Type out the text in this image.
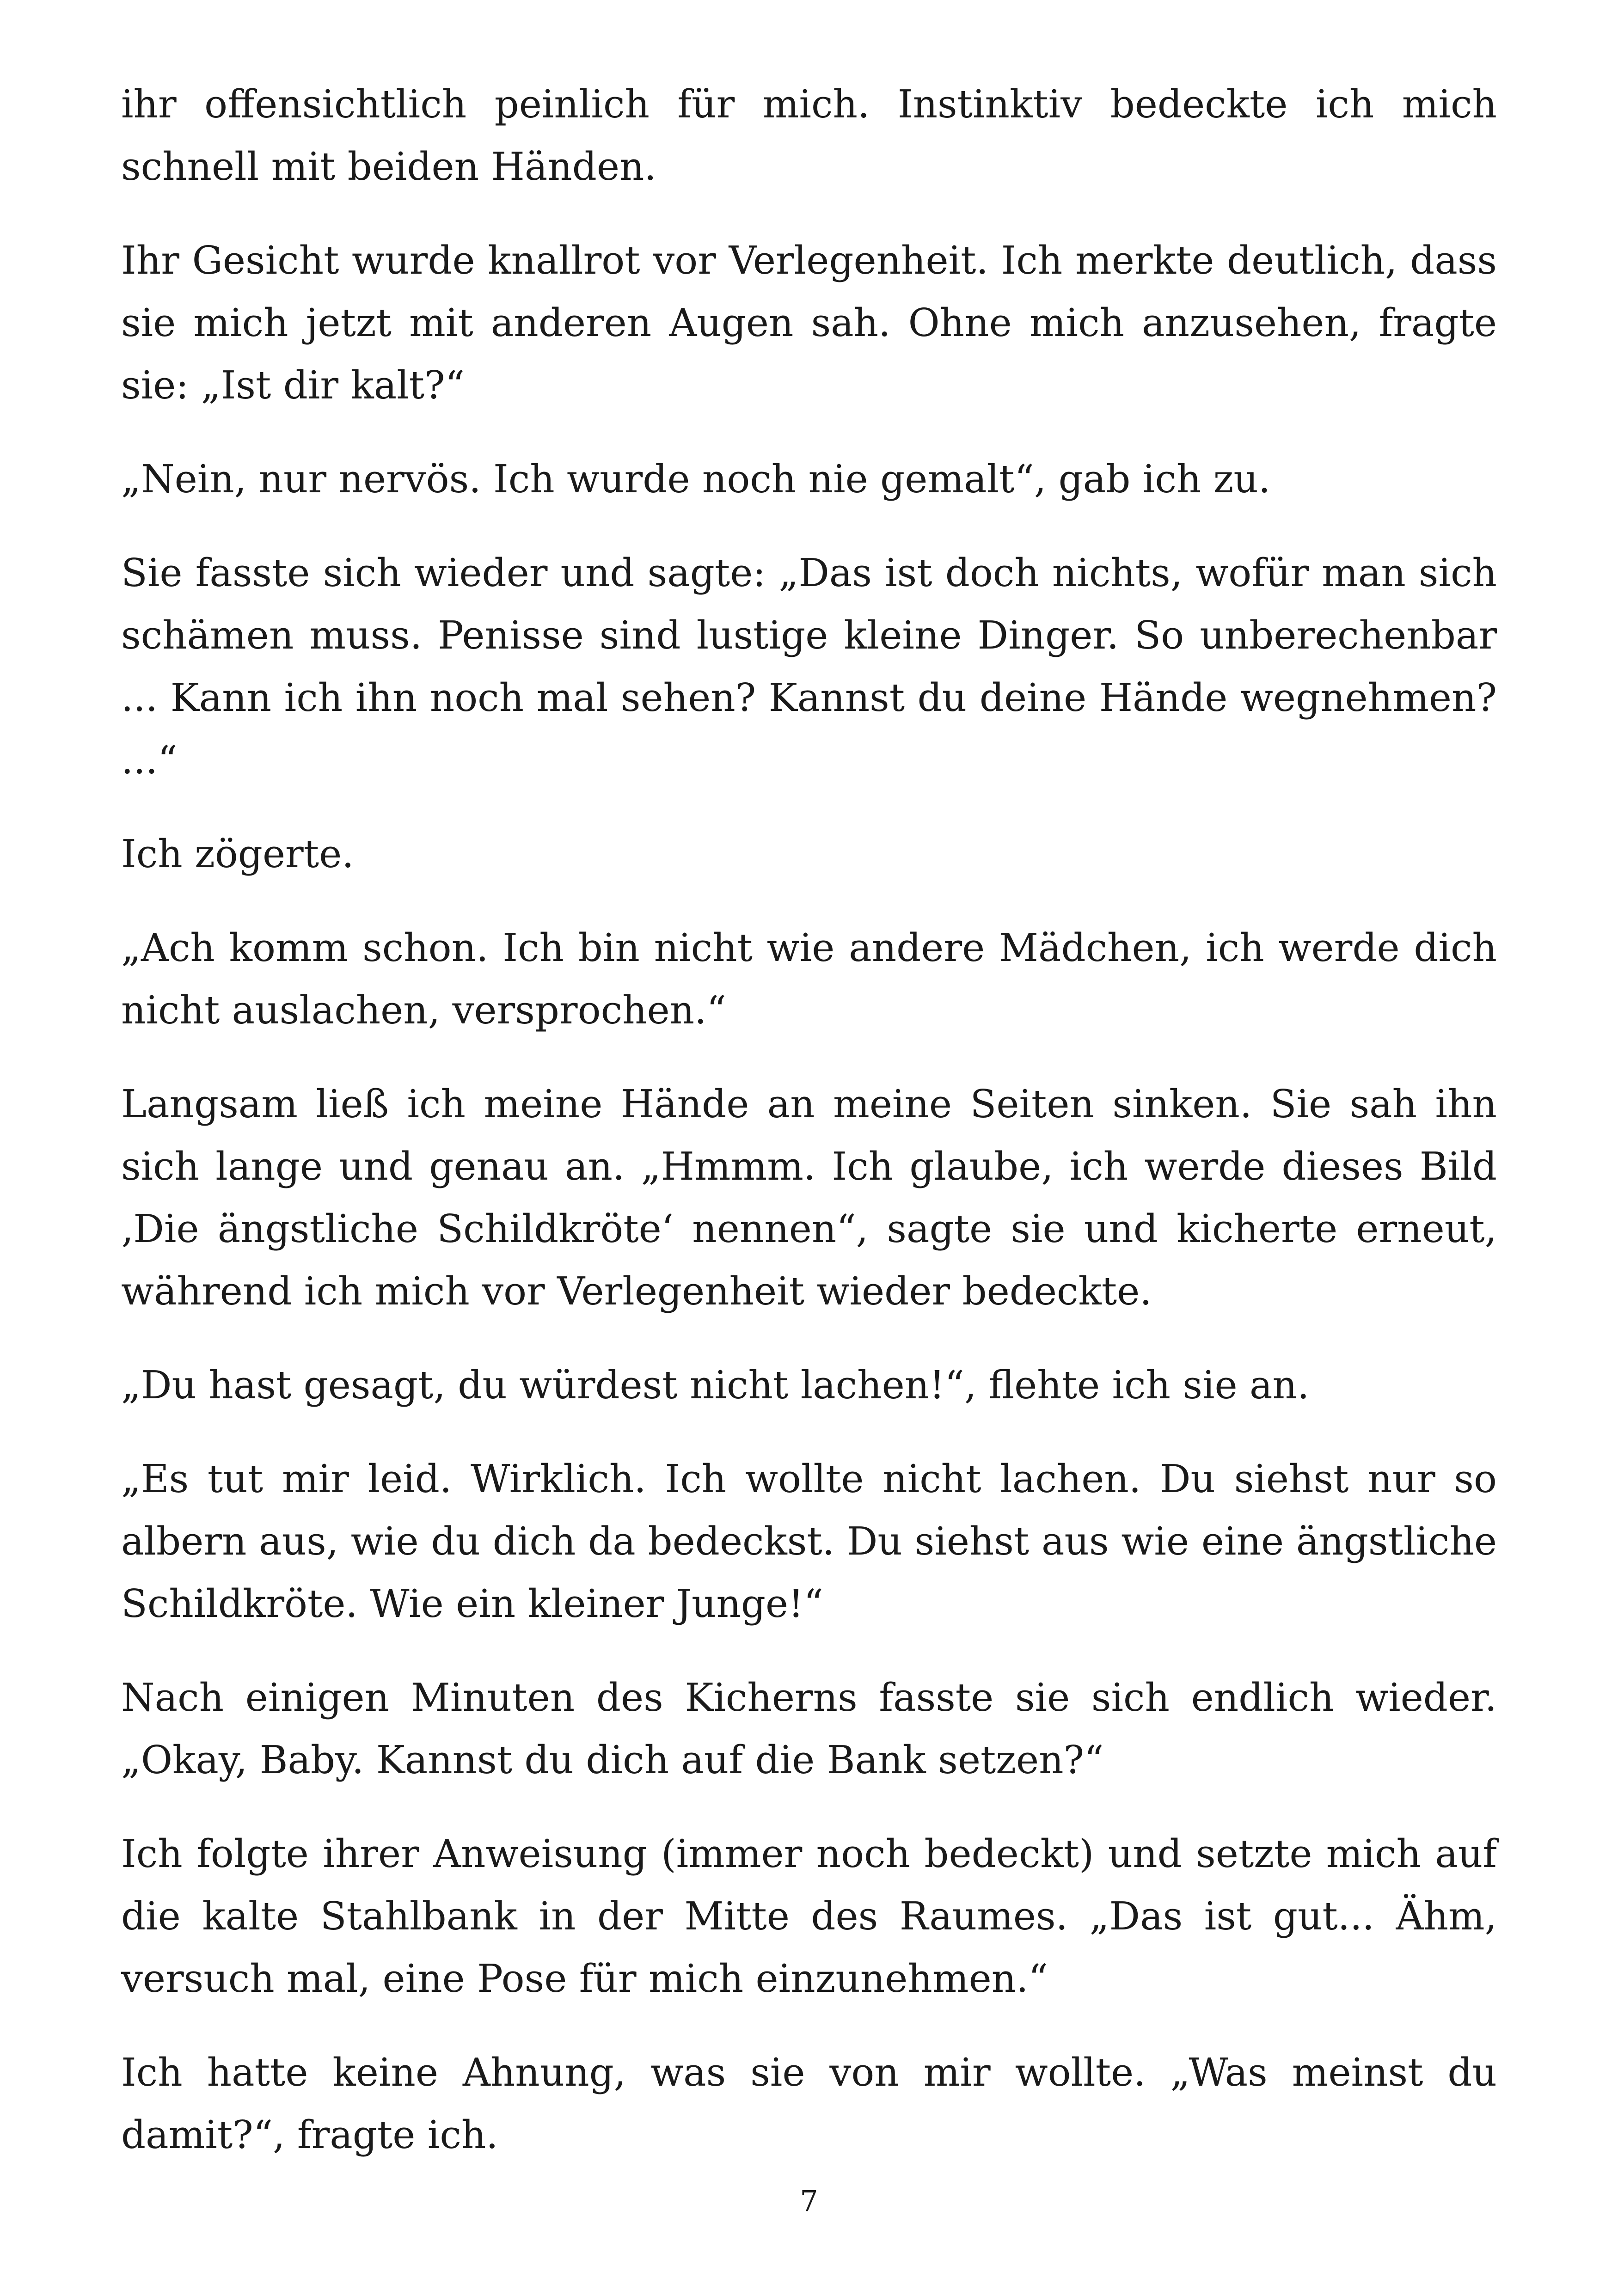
ihr offensichtlich peinlich für mich. Instinktiv bedeckte ich mich schnell mit beiden Händen.

Ihr Gesicht wurde knallrot vor Verlegenheit. Ich merkte deutlich, dass sie mich jetzt mit anderen Augen sah. Ohne mich anzusehen, fragte sie: „Ist dir kalt?“

„Nein, nur nervös. Ich wurde noch nie gemalt“, gab ich zu.

Sie fasste sich wieder und sagte: „Das ist doch nichts, wofür man sich schämen muss. Penisse sind lustige kleine Dinger. So unberechenbar ... Kann ich ihn noch mal sehen? Kannst du deine Hände wegnehmen? ...“

Ich zögerte.

„Ach komm schon. Ich bin nicht wie andere Mädchen, ich werde dich nicht auslachen, versprochen.“

Langsam ließ ich meine Hände an meine Seiten sinken. Sie sah ihn sich lange und genau an. „Hmmm. Ich glaube, ich werde dieses Bild ‚Die ängstliche Schildkröte‘ nennen“, sagte sie und kicherte erneut, während ich mich vor Verlegenheit wieder bedeckte.

„Du hast gesagt, du würdest nicht lachen!“, flehte ich sie an.

„Es tut mir leid. Wirklich. Ich wollte nicht lachen. Du siehst nur so albern aus, wie du dich da bedeckst. Du siehst aus wie eine ängstliche Schildkröte. Wie ein kleiner Junge!“

Nach einigen Minuten des Kicherns fasste sie sich endlich wieder. „Okay, Baby. Kannst du dich auf die Bank setzen?“

Ich folgte ihrer Anweisung (immer noch bedeckt) und setzte mich auf die kalte Stahlbank in der Mitte des Raumes. „Das ist gut... Ähm, versuch mal, eine Pose für mich einzunehmen.“

Ich hatte keine Ahnung, was sie von mir wollte. „Was meinst du damit?“, fragte ich.

7
